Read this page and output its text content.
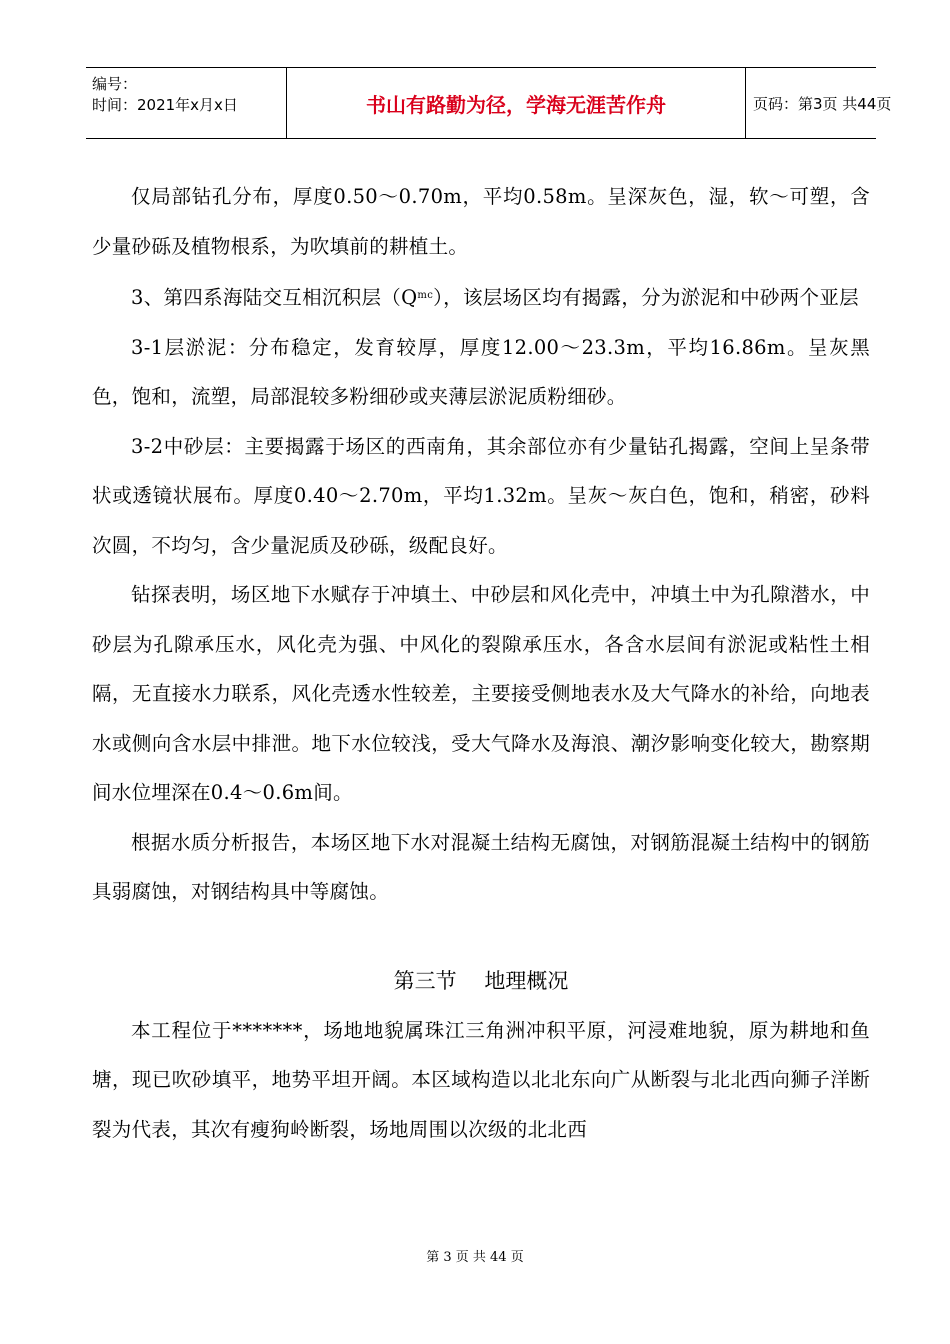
编号：
时间：2021年x月x日	书山有路勤为径，学海无涯苦作舟	页码：第3页 共44页

仅局部钻孔分布，厚度0.50～0.70m，平均0.58m。呈深灰色，湿，软～可塑，含少量砂砾及植物根系，为吹填前的耕植土。

3、第四系海陆交互相沉积层$(Q^{mc})$，该层场区均有揭露，分为淤泥和中砂两个亚层

3-1层淤泥：分布稳定，发育较厚，厚度12.00～23.3m，平均16.86m。呈灰黑色，饱和，流塑，局部混较多粉细砂或夹薄层淤泥质粉细砂。

3-2中砂层：主要揭露于场区的西南角，其余部位亦有少量钻孔揭露，空间上呈条带状或透镜状展布。厚度0.40～2.70m，平均1.32m。呈灰～灰白色，饱和，稍密，砂料次圆，不均匀，含少量泥质及砂砾，级配良好。

钻探表明，场区地下水赋存于冲填土、中砂层和风化壳中，冲填土中为孔隙潜水，中砂层为孔隙承压水，风化壳为强、中风化的裂隙承压水，各含水层间有淤泥或粘性土相隔，无直接水力联系，风化壳透水性较差，主要接受侧地表水及大气降水的补给，向地表水或侧向含水层中排泄。地下水位较浅，受大气降水及海浪、潮汐影响变化较大，勘察期间水位埋深在0.4～0.6m间。

根据水质分析报告，本场区地下水对混凝土结构无腐蚀，对钢筋混凝土结构中的钢筋具弱腐蚀，对钢结构具中等腐蚀。

第三节　 地理概况

本工程位于*******，场地地貌属珠江三角洲冲积平原，河浸难地貌，原为耕地和鱼塘，现已吹砂填平，地势平坦开阔。本区域构造以北北东向广从断裂与北北西向狮子洋断裂为代表，其次有瘦狗岭断裂，场地周围以次级的北北西

第 3 页 共 44 页
